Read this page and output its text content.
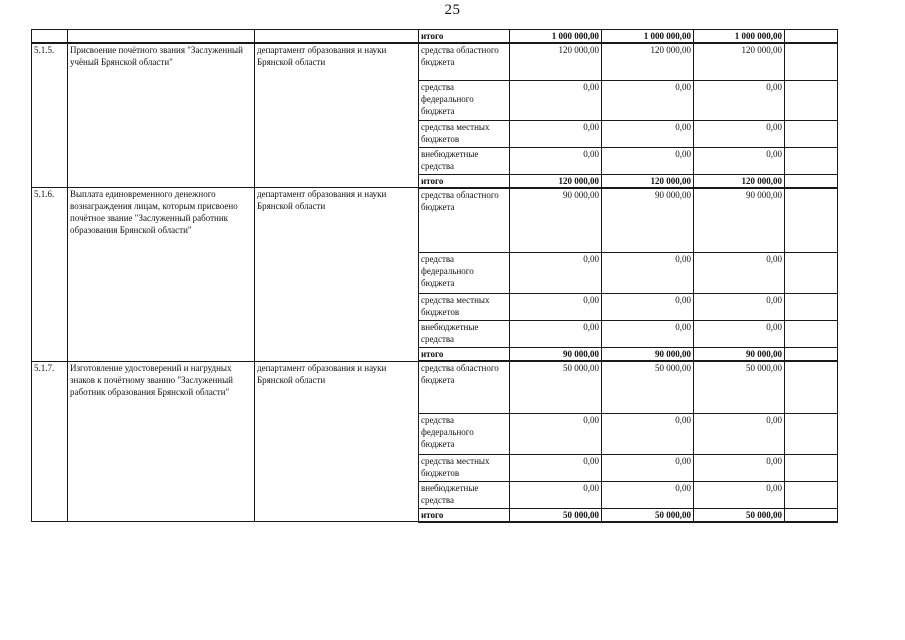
25
			итого	1 000 000,00	1 000 000,00	1 000 000,00	
5.1.5.	Присвоение почётного звания "Заслуженный учёный Брянской области"	департамент образования и науки Брянской области	средства областного бюджета	120 000,00	120 000,00	120 000,00	
			средства федерального бюджета	0,00	0,00	0,00	
			средства местных бюджетов	0,00	0,00	0,00	
			внебюджетные средства	0,00	0,00	0,00	
			итого	120 000,00	120 000,00	120 000,00	
5.1.6.	Выплата единовременного денежного вознаграждения лицам, которым присвоено почётное звание "Заслуженный работник образования Брянской области"	департамент образования и науки Брянской области	средства областного бюджета	90 000,00	90 000,00	90 000,00	
			средства федерального бюджета	0,00	0,00	0,00	
			средства местных бюджетов	0,00	0,00	0,00	
			внебюджетные средства	0,00	0,00	0,00	
			итого	90 000,00	90 000,00	90 000,00	
5.1.7.	Изготовление удостоверений и нагрудных знаков к почётному званию "Заслуженный работник образования Брянской области"	департамент образования и науки Брянской области	средства областного бюджета	50 000,00	50 000,00	50 000,00	
			средства федерального бюджета	0,00	0,00	0,00	
			средства местных бюджетов	0,00	0,00	0,00	
			внебюджетные средства	0,00	0,00	0,00	
			итого	50 000,00	50 000,00	50 000,00	
